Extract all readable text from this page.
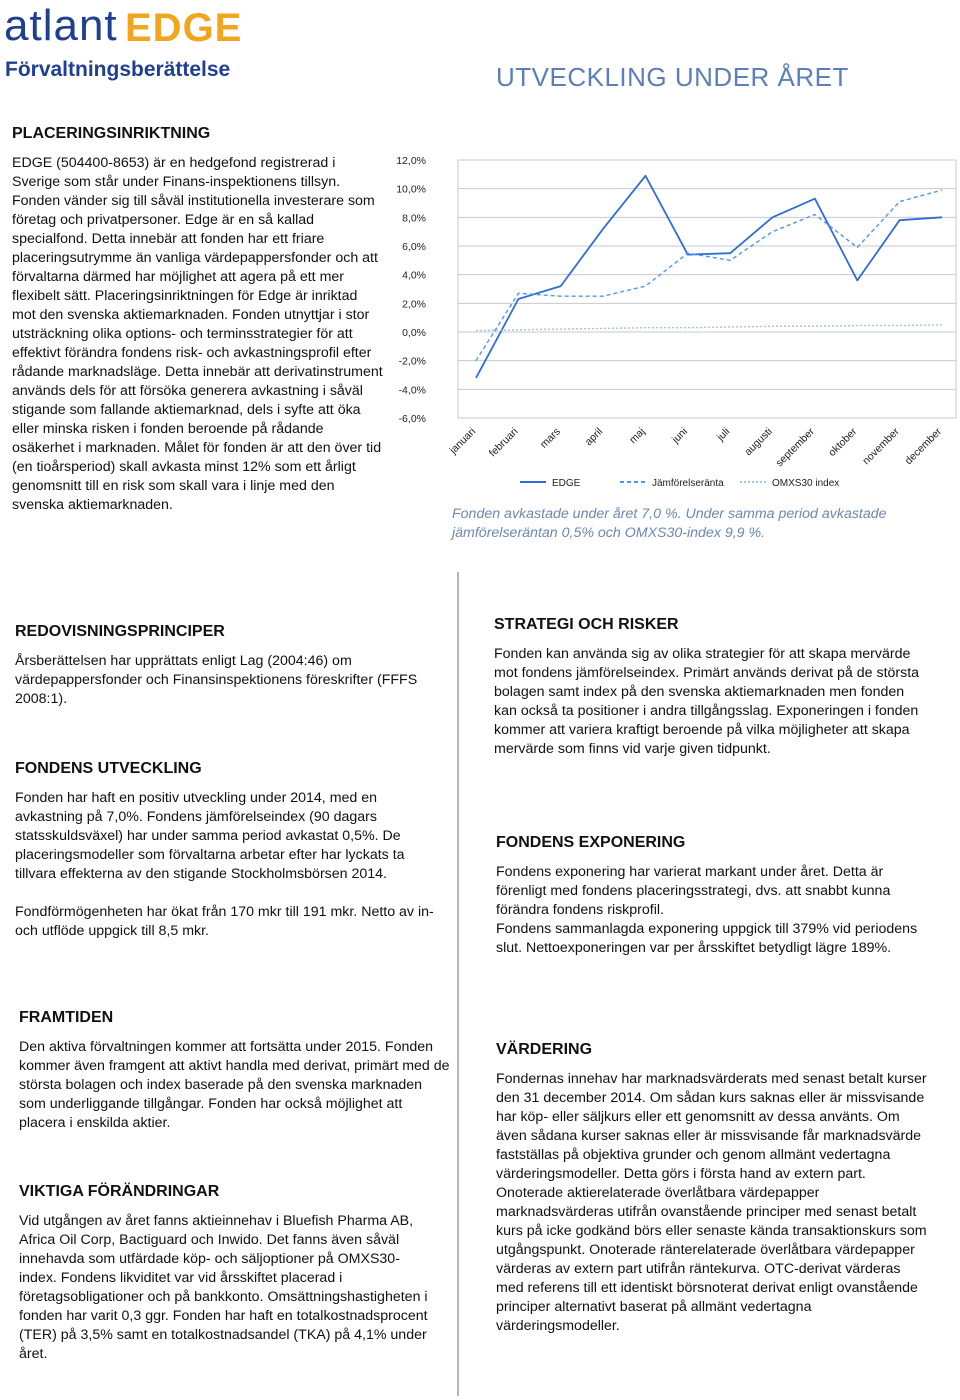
atlant EDGE
Förvaltningsberättelse	UTVECKLING UNDER ÅRET
PLACERINGSINRIKTNING

EDGE (504400-8653) är en hedgefond registrerad i Sverige som står under Finans-inspektionens tillsyn. Fonden vänder sig till såväl institutionella investerare som företag och privatpersoner. Edge är en så kallad specialfond. Detta innebär att fonden har ett friare placeringsutrymme än vanliga värdepappersfonder och att förvaltarna därmed har möjlighet att agera på ett mer flexibelt sätt. Placeringsinriktningen för Edge är inriktad mot den svenska aktiemarknaden. Fonden utnyttjar i stor utsträckning olika options- och terminsstrategier för att effektivt förändra fondens risk- och avkastningsprofil efter rådande marknadsläge. Detta innebär att derivatinstrument används dels för att försöka generera avkastning i såväl stigande som fallande aktiemarknad, dels i syfte att öka eller minska risken i fonden beroende på rådande osäkerhet i marknaden. Målet för fonden är att den över tid (en tioårsperiod) skall avkasta minst 12% som ett årligt genomsnitt till en risk som skall vara i linje med den svenska aktiemarknaden.

12,0%
10,0%
8,0%
6,0%
4,0%
2,0%
0,0%
-2,0%
-4,0%
-6,0%
januari februari mars april maj juni juli augusti
september oktober november december
EDGE	Jämförelseränta	OMXS30 index
Fonden avkastade under året 7,0 %. Under samma period avkastade jämförelseräntan 0,5% och OMXS30-index 9,9 %.
REDOVISNINGSPRINCIPER

Årsberättelsen har upprättats enligt Lag (2004:46) om värdepappersfonder och Finansinspektionens föreskrifter (FFFS 2008:1).

FONDENS UTVECKLING

Fonden har haft en positiv utveckling under 2014, med en avkastning på 7,0%. Fondens jämförelseindex (90 dagars statsskuldsväxel) har under samma period avkastat 0,5%. De placeringsmodeller som förvaltarna arbetar efter har lyckats ta tillvara effekterna av den stigande Stockholmsbörsen 2014.

Fondförmögenheten har ökat från 170 mkr till 191 mkr. Netto av in- och utflöde uppgick till 8,5 mkr.

STRATEGI OCH RISKER

Fonden kan använda sig av olika strategier för att skapa mervärde mot fondens jämförelseindex. Primärt används derivat på de största bolagen samt index på den svenska aktiemarknaden men fonden kan också ta positioner i andra tillgångsslag. Exponeringen i fonden kommer att variera kraftigt beroende på vilka möjligheter att skapa mervärde som finns vid varje given tidpunkt.

FONDENS EXPONERING

Fondens exponering har varierat markant under året. Detta är förenligt med fondens placeringsstrategi, dvs. att snabbt kunna förändra fondens riskprofil.

Fondens sammanlagda exponering uppgick till 379% vid periodens slut. Nettoexponeringen var per årsskiftet betydligt lägre 189%.

FRAMTIDEN

Den aktiva förvaltningen kommer att fortsätta under 2015. Fonden kommer även framgent att aktivt handla med derivat, primärt med de största bolagen och index baserade på den svenska marknaden som underliggande tillgångar. Fonden har också möjlighet att placera i enskilda aktier.

VÄRDERING

Fondernas innehav har marknadsvärderats med senast betalt kurser den 31 december 2014. Om sådan kurs saknas eller är missvisande har köp- eller säljkurs eller ett genomsnitt av dessa använts. Om även sådana kurser saknas eller är missvisande får marknadsvärde fastställas på objektiva grunder och genom allmänt vedertagna värderingsmodeller. Detta görs i första hand av extern part. Onoterade aktierelaterade överlåtbara värdepapper marknadsvärderas utifrån ovanstående principer med senast betalt kurs på icke godkänd börs eller senaste kända transaktionskurs som utgångspunkt. Onoterade ränterelaterade överlåtbara värdepapper värderas av extern part utifrån räntekurva. OTC-derivat värderas med referens till ett identiskt börsnoterat derivat enligt ovanstående principer alternativt baserat på allmänt vedertagna värderingsmodeller.

VIKTIGA FÖRÄNDRINGAR

Vid utgången av året fanns aktieinnehav i Bluefish Pharma AB, Africa Oil Corp, Bactiguard och Inwido. Det fanns även såväl innehavda som utfärdade köp- och säljoptioner på OMXS30-index. Fondens likviditet var vid årsskiftet placerad i företagsobligationer och på bankkonto. Omsättningshastigheten i fonden har varit 0,3 ggr. Fonden har haft en totalkostnadsprocent (TER) på 3,5% samt en totalkostnadsandel (TKA) på 4,1% under året.
